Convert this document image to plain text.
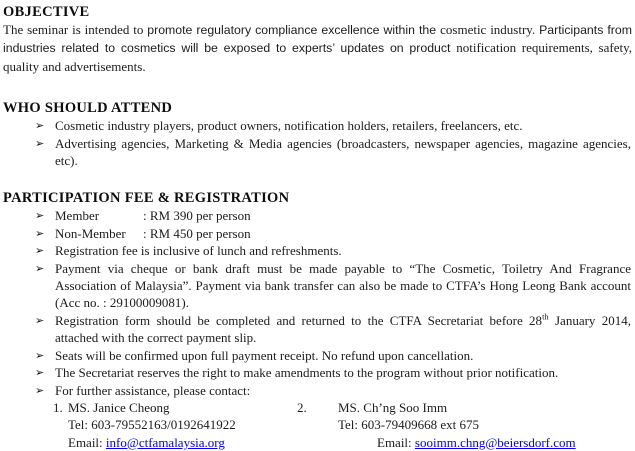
OBJECTIVE

The seminar is intended to promote regulatory compliance excellence within the cosmetic industry. Participants from industries related to cosmetics will be exposed to experts’ updates on product notification requirements, safety, quality and advertisements.

WHO SHOULD ATTEND
➢ Cosmetic industry players, product owners, notification holders, retailers, freelancers, etc.
➢ Advertising agencies, Marketing & Media agencies (broadcasters, newspaper agencies, magazine agencies, etc).
PARTICIPATION FEE & REGISTRATION
➢ Member	: RM 390 per person
➢ Non-Member : RM 450 per person
➢ Registration fee is inclusive of lunch and refreshments.
➢ Payment via cheque or bank draft must be made payable to “The Cosmetic, Toiletry And Fragrance Association of Malaysia”. Payment via bank transfer can also be made to CTFA’s Hong Leong Bank account (Acc no. : 29100009081).
➢ Registration form should be completed and returned to the CTFA Secretariat before 28th January 2014, attached with the correct payment slip.
➢ Seats will be confirmed upon full payment receipt. No refund upon cancellation.
➢ The Secretariat reserves the right to make amendments to the program without prior notification.
➢ For further assistance, please contact:
1. MS. Janice Cheong
Tel: 603-79552163/0192641922
Email: info@ctfamalaysia.org
2. MS. Ch’ng Soo Imm
Tel: 603-79409668 ext 675
Email: sooimm.chng@beiersdorf.com
